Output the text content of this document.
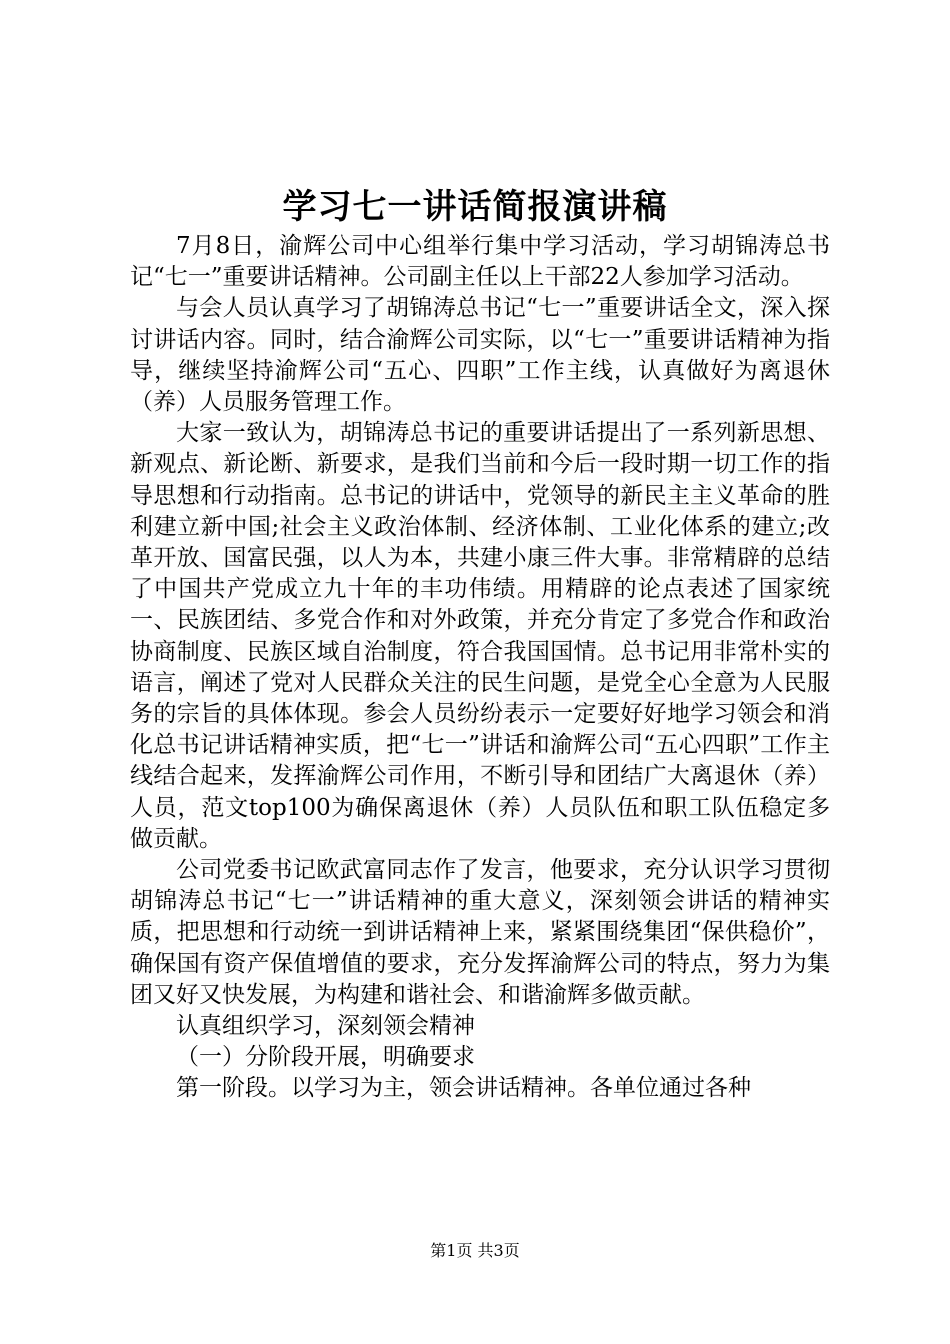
学习七一讲话简报演讲稿

7月8日，渝辉公司中心组举行集中学习活动，学习胡锦涛总书记“七一”重要讲话精神。公司副主任以上干部22人参加学习活动。

与会人员认真学习了胡锦涛总书记“七一”重要讲话全文，深入探讨讲话内容。同时，结合渝辉公司实际，以“七一”重要讲话精神为指导，继续坚持渝辉公司“五心、四职”工作主线，认真做好为离退休（养）人员服务管理工作。

大家一致认为，胡锦涛总书记的重要讲话提出了一系列新思想、新观点、新论断、新要求，是我们当前和今后一段时期一切工作的指导思想和行动指南。总书记的讲话中，党领导的新民主主义革命的胜利建立新中国;社会主义政治体制、经济体制、工业化体系的建立;改革开放、国富民强，以人为本，共建小康三件大事。非常精辟的总结了中国共产党成立九十年的丰功伟绩。用精辟的论点表述了国家统一、民族团结、多党合作和对外政策，并充分肯定了多党合作和政治协商制度、民族区域自治制度，符合我国国情。总书记用非常朴实的语言，阐述了党对人民群众关注的民生问题，是党全心全意为人民服务的宗旨的具体体现。参会人员纷纷表示一定要好好地学习领会和消化总书记讲话精神实质，把“七一”讲话和渝辉公司“五心四职”工作主线结合起来，发挥渝辉公司作用，不断引导和团结广大离退休（养）人员，范文top100为确保离退休（养）人员队伍和职工队伍稳定多做贡献。

公司党委书记欧武富同志作了发言，他要求，充分认识学习贯彻胡锦涛总书记“七一”讲话精神的重大意义，深刻领会讲话的精神实质，把思想和行动统一到讲话精神上来，紧紧围绕集团“保供稳价”，确保国有资产保值增值的要求，充分发挥渝辉公司的特点，努力为集团又好又快发展，为构建和谐社会、和谐渝辉多做贡献。

认真组织学习，深刻领会精神

（一）分阶段开展，明确要求

第一阶段。以学习为主，领会讲话精神。各单位通过各种

第1页 共3页
